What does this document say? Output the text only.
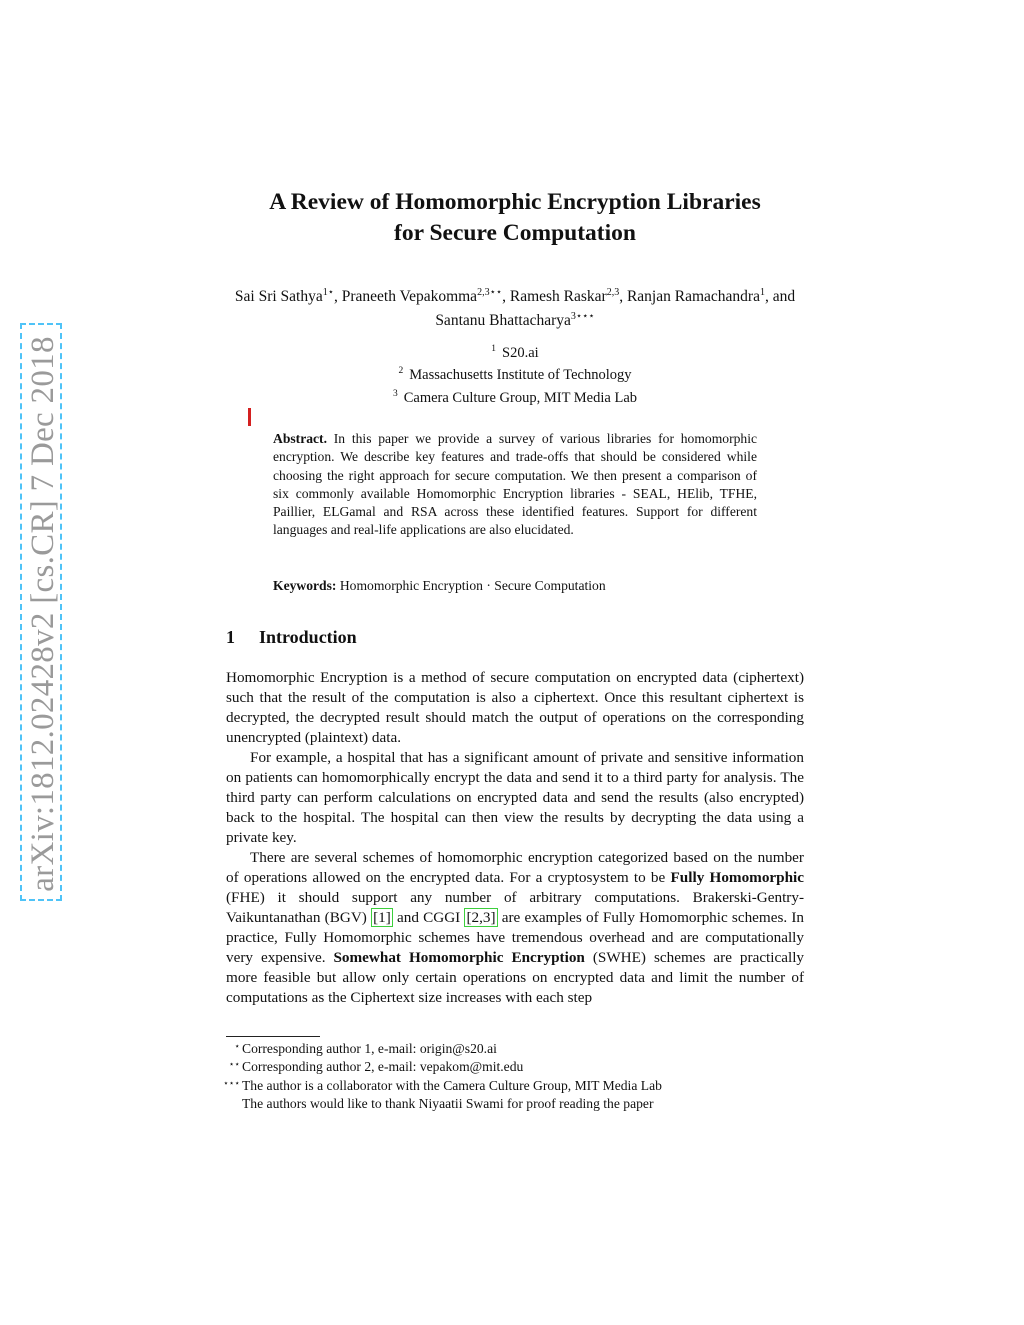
arXiv:1812.02428v2 [cs.CR] 7 Dec 2018
A Review of Homomorphic Encryption Libraries
for Secure Computation
Sai Sri Sathya$^{1⋆}$, Praneeth Vepakomma$^{2,3⋆⋆}$, Ramesh Raskar$^{2,3}$, Ranjan Ramachandra$^1$, and Santanu Bhattacharya$^{3⋆⋆⋆}$
$^1$ S20.ai
$^2$ Massachusetts Institute of Technology
$^3$ Camera Culture Group, MIT Media Lab
Abstract. In this paper we provide a survey of various libraries for homomorphic encryption. We describe key features and trade-offs that should be considered while choosing the right approach for secure computation. We then present a comparison of six commonly available Homomorphic Encryption libraries - SEAL, HElib, TFHE, Paillier, ELGamal and RSA across these identified features. Support for different languages and real-life applications are also elucidated.
Keywords: Homomorphic Encryption · Secure Computation
1 Introduction

Homomorphic Encryption is a method of secure computation on encrypted data (ciphertext) such that the result of the computation is also a ciphertext. Once this resultant ciphertext is decrypted, the decrypted result should match the output of operations on the corresponding unencrypted (plaintext) data.

For example, a hospital that has a significant amount of private and sensitive information on patients can homomorphically encrypt the data and send it to a third party for analysis. The third party can perform calculations on encrypted data and send the results (also encrypted) back to the hospital. The hospital can then view the results by decrypting the data using a private key.

There are several schemes of homomorphic encryption categorized based on the number of operations allowed on the encrypted data. For a cryptosystem to be Fully Homomorphic (FHE) it should support any number of arbitrary computations. Brakerski-Gentry-Vaikuntanathan (BGV) [1] and CGGI [2,3] are examples of Fully Homomorphic schemes. In practice, Fully Homomorphic schemes have tremendous overhead and are computationally very expensive. Somewhat Homomorphic Encryption (SWHE) schemes are practically more feasible but allow only certain operations on encrypted data and limit the number of computations as the Ciphertext size increases with each step

⋆ Corresponding author 1, e-mail: origin@s20.ai
⋆⋆ Corresponding author 2, e-mail: vepakom@mit.edu
⋆⋆⋆ The author is a collaborator with the Camera Culture Group, MIT Media Lab
The authors would like to thank Niyaatii Swami for proof reading the paper
